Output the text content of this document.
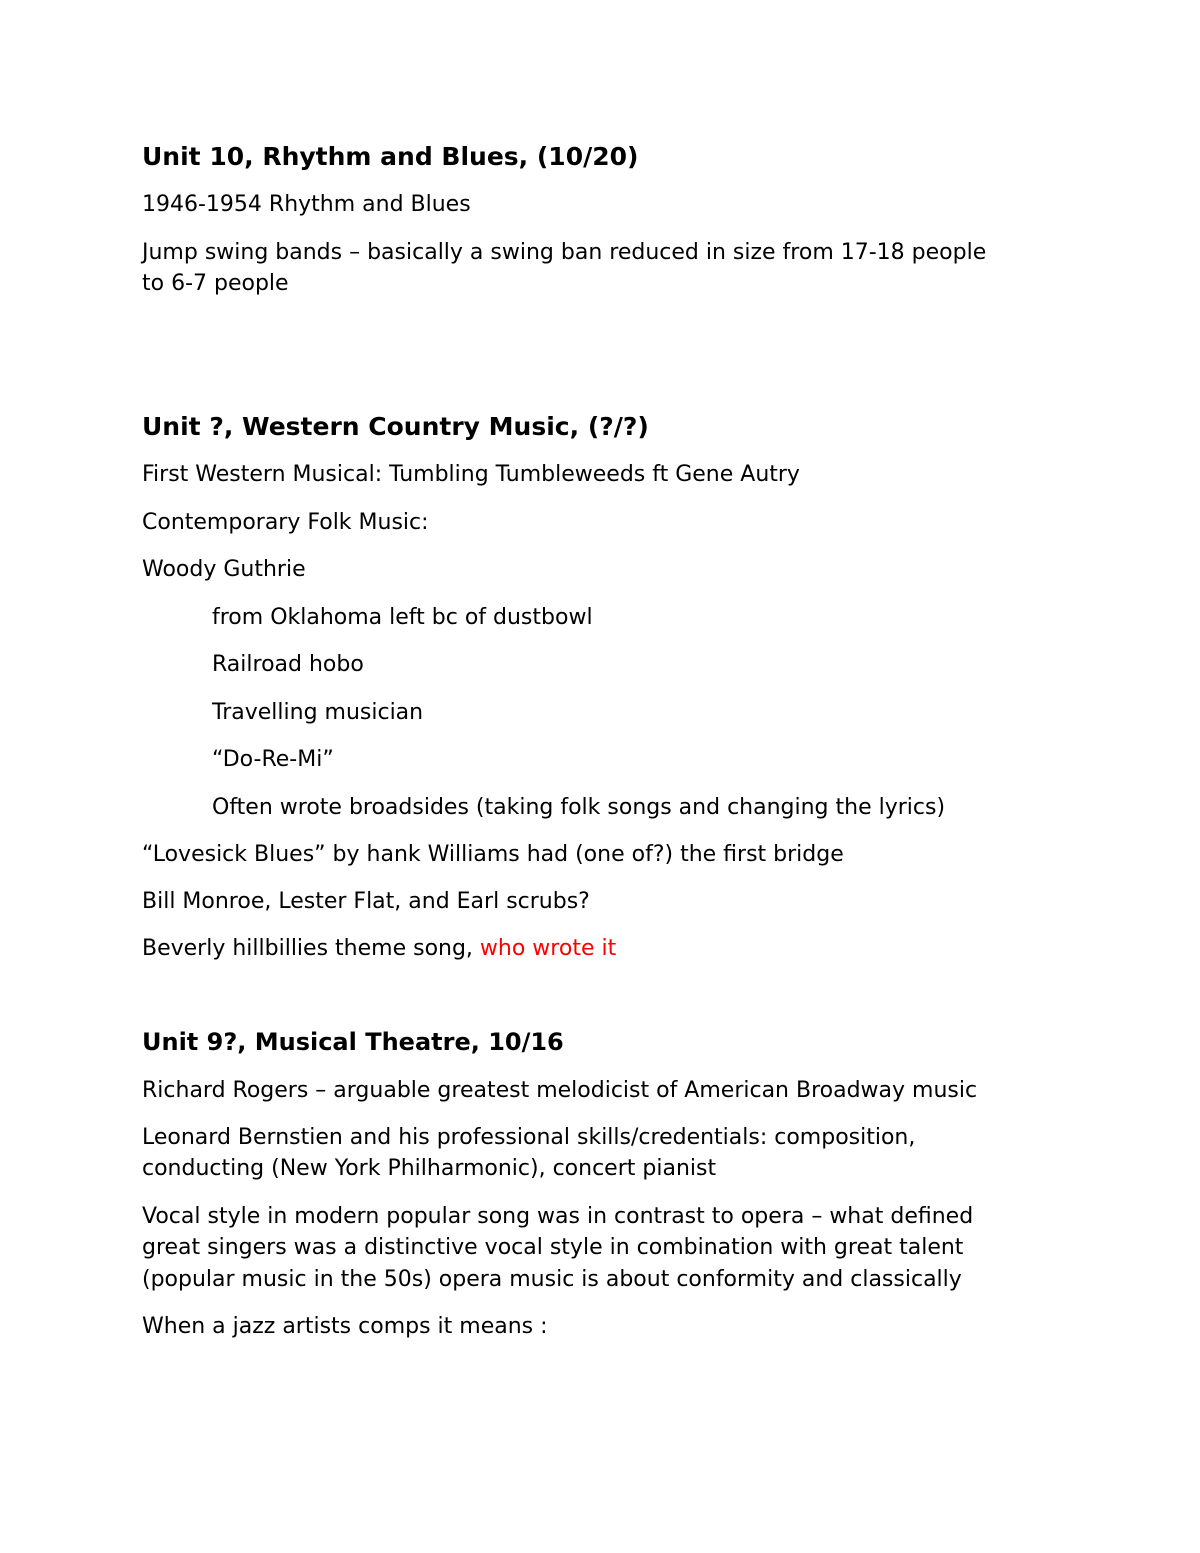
Unit 10, Rhythm and Blues, (10/20)
1946-1954 Rhythm and Blues
Jump swing bands – basically a swing ban reduced in size from 17-18 people
to 6-7 people
Unit ?, Western Country Music, (?/?)
First Western Musical: Tumbling Tumbleweeds ft Gene Autry
Contemporary Folk Music:
Woody Guthrie
from Oklahoma left bc of dustbowl
Railroad hobo
Travelling musician
“Do-Re-Mi”
Often wrote broadsides (taking folk songs and changing the lyrics)
“Lovesick Blues” by hank Williams had (one of?) the first bridge
Bill Monroe, Lester Flat, and Earl scrubs?
Beverly hillbillies theme song, who wrote it
Unit 9?, Musical Theatre, 10/16
Richard Rogers – arguable greatest melodicist of American Broadway music
Leonard Bernstien and his professional skills/credentials: composition,
conducting (New York Philharmonic), concert pianist
Vocal style in modern popular song was in contrast to opera – what defined
great singers was a distinctive vocal style in combination with great talent
(popular music in the 50s) opera music is about conformity and classically
When a jazz artists comps it means :
